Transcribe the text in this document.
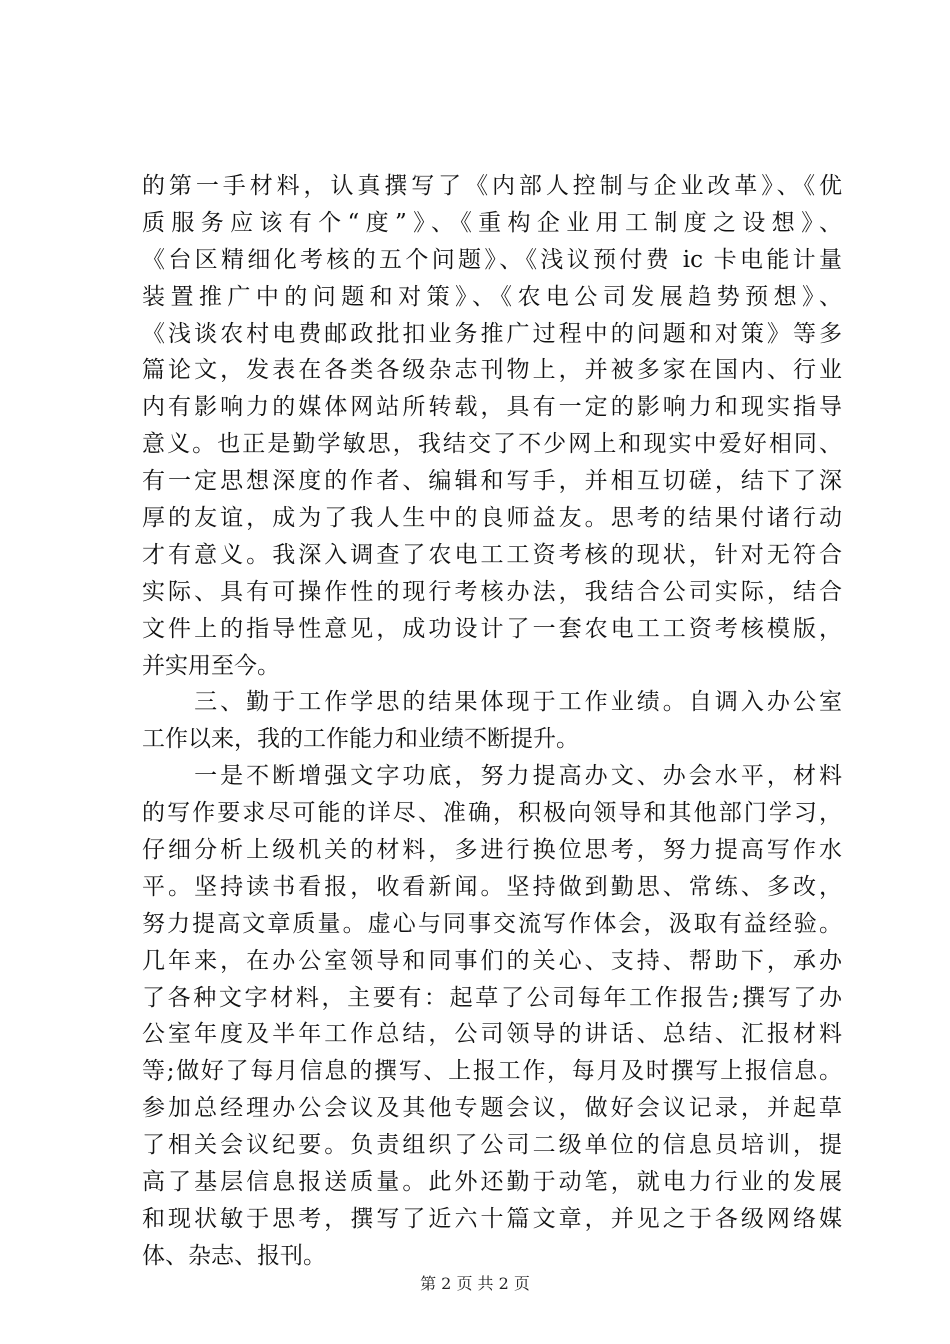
的第一手材料，认真撰写了《内部人控制与企业改革》、《优
质服务应该有个“度”》、《重构企业用工制度之设想》、
《台区精细化考核的五个问题》、《浅议预付费 ic 卡电能计量
装置推广中的问题和对策》、《农电公司发展趋势预想》、
《浅谈农村电费邮政批扣业务推广过程中的问题和对策》等多
篇论文，发表在各类各级杂志刊物上，并被多家在国内、行业
内有影响力的媒体网站所转载，具有一定的影响力和现实指导
意义。也正是勤学敏思，我结交了不少网上和现实中爱好相同、
有一定思想深度的作者、编辑和写手，并相互切磋，结下了深
厚的友谊，成为了我人生中的良师益友。思考的结果付诸行动
才有意义。我深入调查了农电工工资考核的现状，针对无符合
实际、具有可操作性的现行考核办法，我结合公司实际，结合
文件上的指导性意见，成功设计了一套农电工工资考核模版，
并实用至今。
　　三、勤于工作学思的结果体现于工作业绩。自调入办公室
工作以来，我的工作能力和业绩不断提升。
　　一是不断增强文字功底，努力提高办文、办会水平，材料
的写作要求尽可能的详尽、准确，积极向领导和其他部门学习，
仔细分析上级机关的材料，多进行换位思考，努力提高写作水
平。坚持读书看报，收看新闻。坚持做到勤思、常练、多改，
努力提高文章质量。虚心与同事交流写作体会，汲取有益经验。
几年来，在办公室领导和同事们的关心、支持、帮助下，承办
了各种文字材料，主要有：起草了公司每年工作报告;撰写了办
公室年度及半年工作总结，公司领导的讲话、总结、汇报材料
等;做好了每月信息的撰写、上报工作，每月及时撰写上报信息。
参加总经理办公会议及其他专题会议，做好会议记录，并起草
了相关会议纪要。负责组织了公司二级单位的信息员培训，提
高了基层信息报送质量。此外还勤于动笔，就电力行业的发展
和现状敏于思考，撰写了近六十篇文章，并见之于各级网络媒
体、杂志、报刊。
第 2 页 共 2 页
